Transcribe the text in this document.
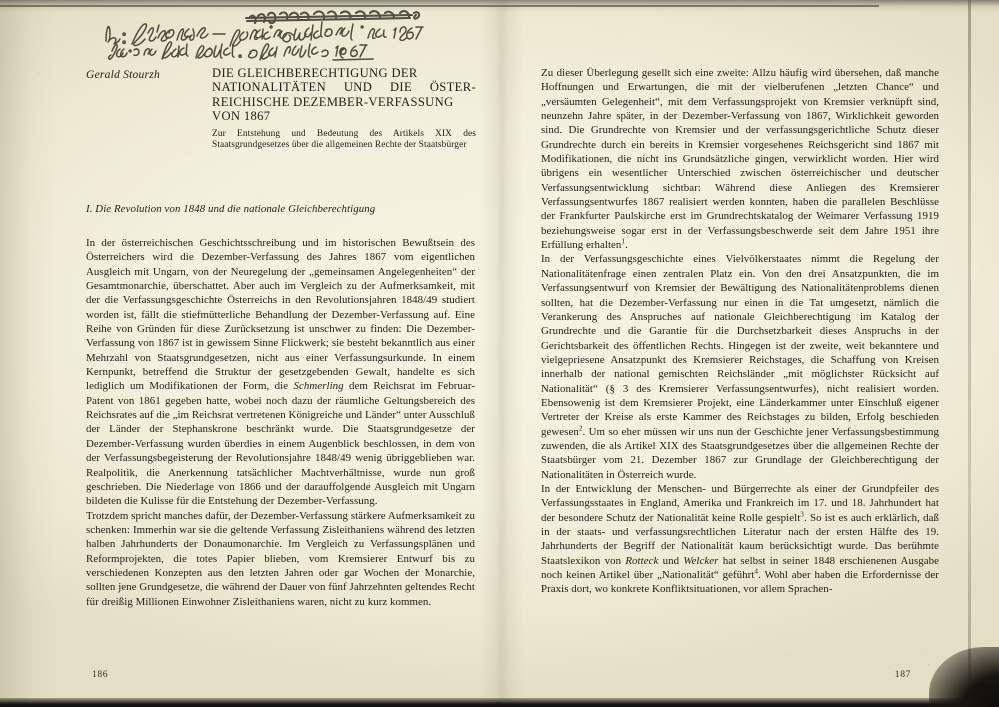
Gerald Stourzh	DIE GLEICHBERECHTIGUNG DER
NATIONALITÄTEN UND DIE ÖSTER-
REICHISCHE DEZEMBER-VERFASSUNG
VON 1867
Zur Entstehung und Bedeutung des Artikels XIX des Staatsgrundgesetzes über die allgemeinen Rechte der Staatsbürger
I. Die Revolution von 1848 und die nationale Gleichberechtigung

In der österreichischen Geschichtsschreibung und im historischen Bewußtsein des Österreichers wird die Dezember-Verfassung des Jahres 1867 vom eigentlichen Ausgleich mit Ungarn, von der Neuregelung der „gemeinsamen Angelegenheiten“ der Gesamtmonarchie, überschattet. Aber auch im Vergleich zu der Aufmerksamkeit, mit der die Verfassungsgeschichte Österreichs in den Revolutionsjahren 1848/49 studiert worden ist, fällt die stiefmütterliche Behandlung der Dezember-Verfassung auf. Eine Reihe von Gründen für diese Zurücksetzung ist unschwer zu finden: Die Dezember-Verfassung von 1867 ist in gewissem Sinne Flickwerk; sie besteht bekanntlich aus einer Mehrzahl von Staatsgrundgesetzen, nicht aus einer Verfassungsurkunde. In einem Kernpunkt, betreffend die Struktur der gesetzgebenden Gewalt, handelte es sich lediglich um Modifikationen der Form, die Schmerling dem Reichsrat im Februar-Patent von 1861 gegeben hatte, wobei noch dazu der räumliche Geltungsbereich des Reichsrates auf die „im Reichsrat vertretenen Königreiche und Länder“ unter Ausschluß der Länder der Stephanskrone beschränkt wurde. Die Staatsgrundgesetze der Dezember-Verfassung wurden überdies in einem Augenblick beschlossen, in dem von der Verfassungsbegeisterung der Revolutionsjahre 1848/49 wenig übriggeblieben war. Realpolitik, die Anerkennung tatsächlicher Machtverhältnisse, wurde nun groß geschrieben. Die Niederlage von 1866 und der darauffolgende Ausgleich mit Ungarn bildeten die Kulisse für die Entstehung der Dezember-Verfassung.

Trotzdem spricht manches dafür, der Dezember-Verfassung stärkere Aufmerksamkeit zu schenken: Immerhin war sie die geltende Verfassung Zisleithaniens während des letzten halben Jahrhunderts der Donaumonarchie. Im Vergleich zu Verfassungsplänen und Reformprojekten, die totes Papier blieben, vom Kremsierer Entwurf bis zu verschiedenen Konzepten aus den letzten Jahren oder gar Wochen der Monarchie, sollten jene Grundgesetze, die während der Dauer von fünf Jahrzehnten geltendes Recht für dreißig Millionen Einwohner Zisleithaniens waren, nicht zu kurz kommen.

Zu dieser Überlegung gesellt sich eine zweite: Allzu häufig wird übersehen, daß manche Hoffnungen und Erwartungen, die mit der vielberufenen „letzten Chance“ und „versäumten Gelegenheit“, mit dem Verfassungsprojekt von Kremsier verknüpft sind, neunzehn Jahre später, in der Dezember-Verfassung von 1867, Wirklichkeit geworden sind. Die Grundrechte von Kremsier und der verfassungsgerichtliche Schutz dieser Grundrechte durch ein bereits in Kremsier vorgesehenes Reichsgericht sind 1867 mit Modifikationen, die nicht ins Grundsätzliche gingen, verwirklicht worden. Hier wird übrigens ein wesentlicher Unterschied zwischen österreichischer und deutscher Verfassungsentwicklung sichtbar: Während diese Anliegen des Kremsierer Verfassungsentwurfes 1867 realisiert werden konnten, haben die parallelen Beschlüsse der Frankfurter Paulskirche erst im Grundrechtskatalog der Weimarer Verfassung 1919 beziehungsweise sogar erst in der Verfassungsbeschwerde seit dem Jahre 1951 ihre Erfüllung erhalten$^1$.

In der Verfassungsgeschichte eines Vielvölkerstaates nimmt die Regelung der Nationalitätenfrage einen zentralen Platz ein. Von den drei Ansatzpunkten, die im Verfassungsentwurf von Kremsier der Bewältigung des Nationalitätenproblems dienen sollten, hat die Dezember-Verfassung nur einen in die Tat umgesetzt, nämlich die Verankerung des Anspruches auf nationale Gleichberechtigung im Katalog der Grundrechte und die Garantie für die Durchsetzbarkeit dieses Anspruchs in der Gerichtsbarkeit des öffentlichen Rechts. Hingegen ist der zweite, weit bekanntere und vielgepriesene Ansatzpunkt des Kremsierer Reichstages, die Schaffung von Kreisen innerhalb der national gemischten Reichsländer „mit möglichster Rücksicht auf Nationalität“ (§ 3 des Kremsierer Verfassungsentwurfes), nicht realisiert worden. Ebensowenig ist dem Kremsierer Projekt, eine Länderkammer unter Einschluß eigener Vertreter der Kreise als erste Kammer des Reichstages zu bilden, Erfolg beschieden gewesen$^2$. Um so eher müssen wir uns nun der Geschichte jener Verfassungsbestimmung zuwenden, die als Artikel XIX des Staatsgrundgesetzes über die allgemeinen Rechte der Staatsbürger vom 21. Dezember 1867 zur Grundlage der Gleichberechtigung der Nationalitäten in Österreich wurde.

In der Entwicklung der Menschen- und Bürgerrechte als einer der Grundpfeiler des Verfassungsstaates in England, Amerika und Frankreich im 17. und 18. Jahrhundert hat der besondere Schutz der Nationalität keine Rolle gespielt$^3$. So ist es auch erklärlich, daß in der staats- und verfassungsrechtlichen Literatur nach der ersten Hälfte des 19. Jahrhunderts der Begriff der Nationalität kaum berücksichtigt wurde. Das berühmte Staatslexikon von Rotteck und Welcker hat selbst in seiner 1848 erschienenen Ausgabe noch keinen Artikel über „Nationalität“ geführt$^4$. Wohl aber haben die Erfordernisse der Praxis dort, wo konkrete Konfliktsituationen, vor allem Sprachen-

186	187
